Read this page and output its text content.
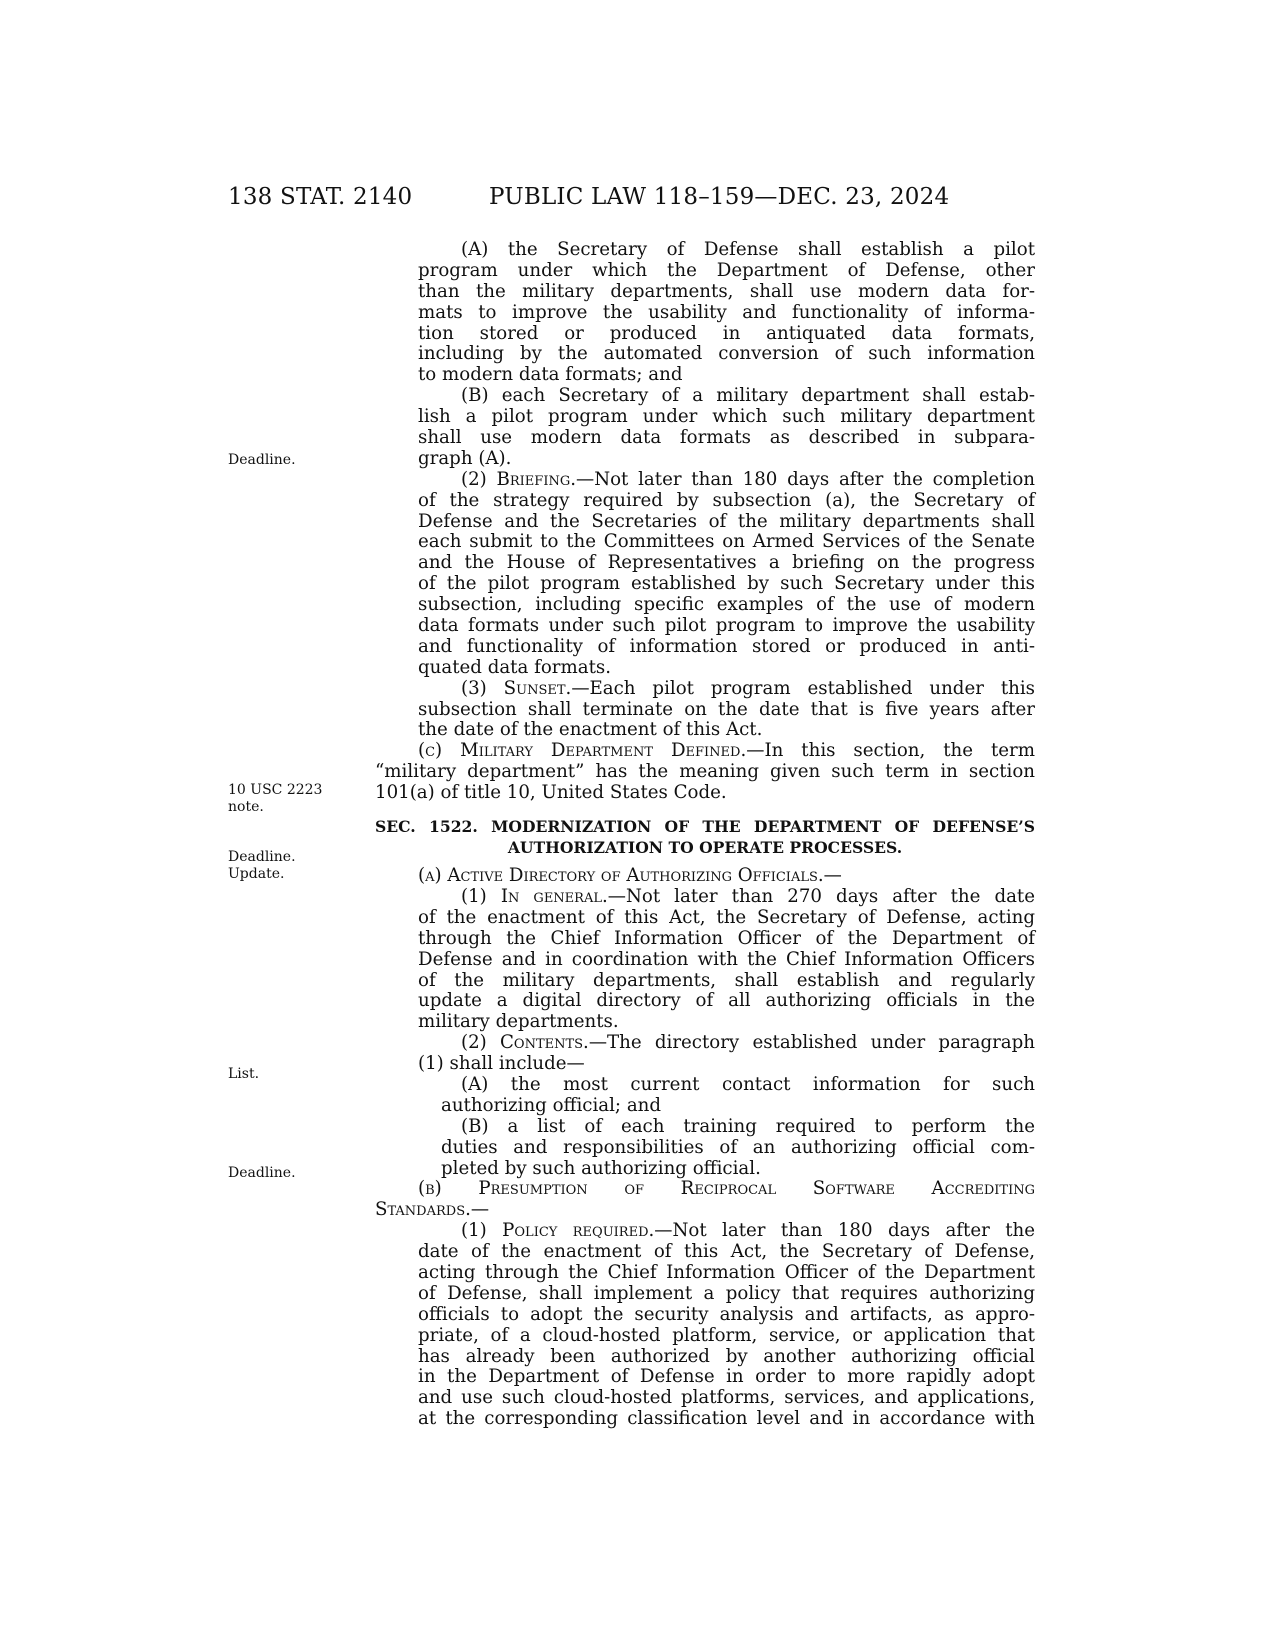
138 STAT. 2140	PUBLIC LAW 118–159—DEC. 23, 2024
Deadline.
10 USC 2223
note.
Deadline.
Update.
List.
Deadline.
(A) the Secretary of Defense shall establish a pilot
program under which the Department of Defense, other
than the military departments, shall use modern data for-
mats to improve the usability and functionality of informa-
tion stored or produced in antiquated data formats,
including by the automated conversion of such information
to modern data formats; and
(B) each Secretary of a military department shall estab-
lish a pilot program under which such military department
shall use modern data formats as described in subpara-
graph (A).
(2) Briefing.—Not later than 180 days after the completion
of the strategy required by subsection (a), the Secretary of
Defense and the Secretaries of the military departments shall
each submit to the Committees on Armed Services of the Senate
and the House of Representatives a briefing on the progress
of the pilot program established by such Secretary under this
subsection, including specific examples of the use of modern
data formats under such pilot program to improve the usability
and functionality of information stored or produced in anti-
quated data formats.
(3) Sunset.—Each pilot program established under this
subsection shall terminate on the date that is five years after
the date of the enactment of this Act.
(c) Military Department Defined.—In this section, the term
“military department” has the meaning given such term in section
101(a) of title 10, United States Code.
SEC. 1522. MODERNIZATION OF THE DEPARTMENT OF DEFENSE’S
AUTHORIZATION TO OPERATE PROCESSES.
(a) Active Directory of Authorizing Officials.—
(1) In general.—Not later than 270 days after the date
of the enactment of this Act, the Secretary of Defense, acting
through the Chief Information Officer of the Department of
Defense and in coordination with the Chief Information Officers
of the military departments, shall establish and regularly
update a digital directory of all authorizing officials in the
military departments.
(2) Contents.—The directory established under paragraph
(1) shall include—
(A) the most current contact information for such
authorizing official; and
(B) a list of each training required to perform the
duties and responsibilities of an authorizing official com-
pleted by such authorizing official.
(b) Presumption of Reciprocal Software Accrediting
Standards.—
(1) Policy required.—Not later than 180 days after the
date of the enactment of this Act, the Secretary of Defense,
acting through the Chief Information Officer of the Department
of Defense, shall implement a policy that requires authorizing
officials to adopt the security analysis and artifacts, as appro-
priate, of a cloud-hosted platform, service, or application that
has already been authorized by another authorizing official
in the Department of Defense in order to more rapidly adopt
and use such cloud-hosted platforms, services, and applications,
at the corresponding classification level and in accordance with
